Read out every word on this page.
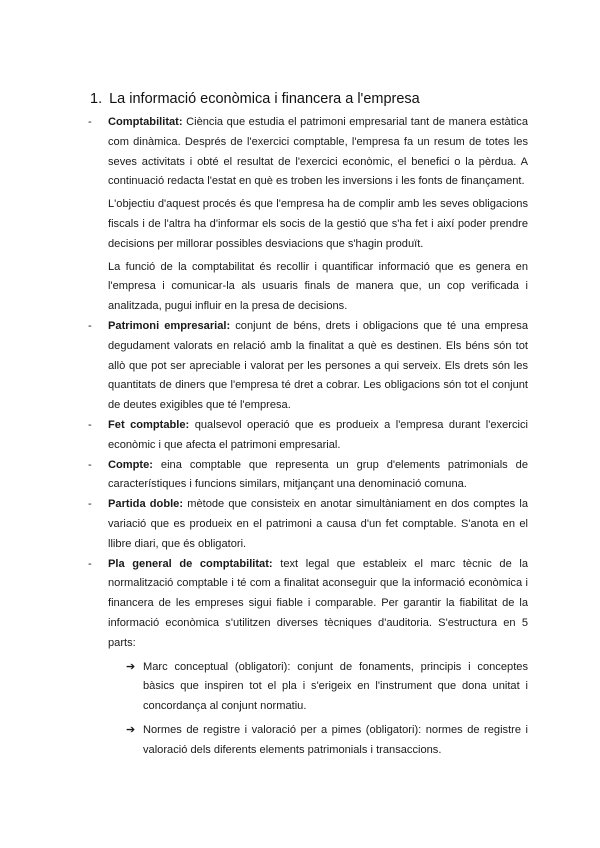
1. La informació econòmica i financera a l'empresa
- Comptabilitat: Ciència que estudia el patrimoni empresarial tant de manera estàtica com dinàmica. Després de l'exercici comptable, l'empresa fa un resum de totes les seves activitats i obté el resultat de l'exercici econòmic, el benefici o la pèrdua. A continuació redacta l'estat en què es troben les inversions i les fonts de finançament.

L'objectiu d'aquest procés és que l'empresa ha de complir amb les seves obligacions fiscals i de l'altra ha d'informar els socis de la gestió que s'ha fet i així poder prendre decisions per millorar possibles desviacions que s'hagin produït.

La funció de la comptabilitat és recollir i quantificar informació que es genera en l'empresa i comunicar-la als usuaris finals de manera que, un cop verificada i analitzada, pugui influir en la presa de decisions.

- Patrimoni empresarial: conjunt de béns, drets i obligacions que té una empresa degudament valorats en relació amb la finalitat a què es destinen. Els béns són tot allò que pot ser apreciable i valorat per les persones a qui serveix. Els drets són les quantitats de diners que l'empresa té dret a cobrar. Les obligacions són tot el conjunt de deutes exigibles que té l'empresa.

- Fet comptable: qualsevol operació que es produeix a l'empresa durant l'exercici econòmic i que afecta el patrimoni empresarial.

- Compte: eina comptable que representa un grup d'elements patrimonials de característiques i funcions similars, mitjançant una denominació comuna.

- Partida doble: mètode que consisteix en anotar simultàniament en dos comptes la variació que es produeix en el patrimoni a causa d'un fet comptable. S'anota en el llibre diari, que és obligatori.

- Pla general de comptabilitat: text legal que estableix el marc tècnic de la normalització comptable i té com a finalitat aconseguir que la informació econòmica i financera de les empreses sigui fiable i comparable. Per garantir la fiabilitat de la informació econòmica s'utilitzen diverses tècniques d'auditoria. S'estructura en 5 parts:

➔ Marc conceptual (obligatori): conjunt de fonaments, principis i conceptes bàsics que inspiren tot el pla i s'erigeix en l'instrument que dona unitat i concordança al conjunt normatiu.
➔ Normes de registre i valoració per a pimes (obligatori): normes de registre i valoració dels diferents elements patrimonials i transaccions.
